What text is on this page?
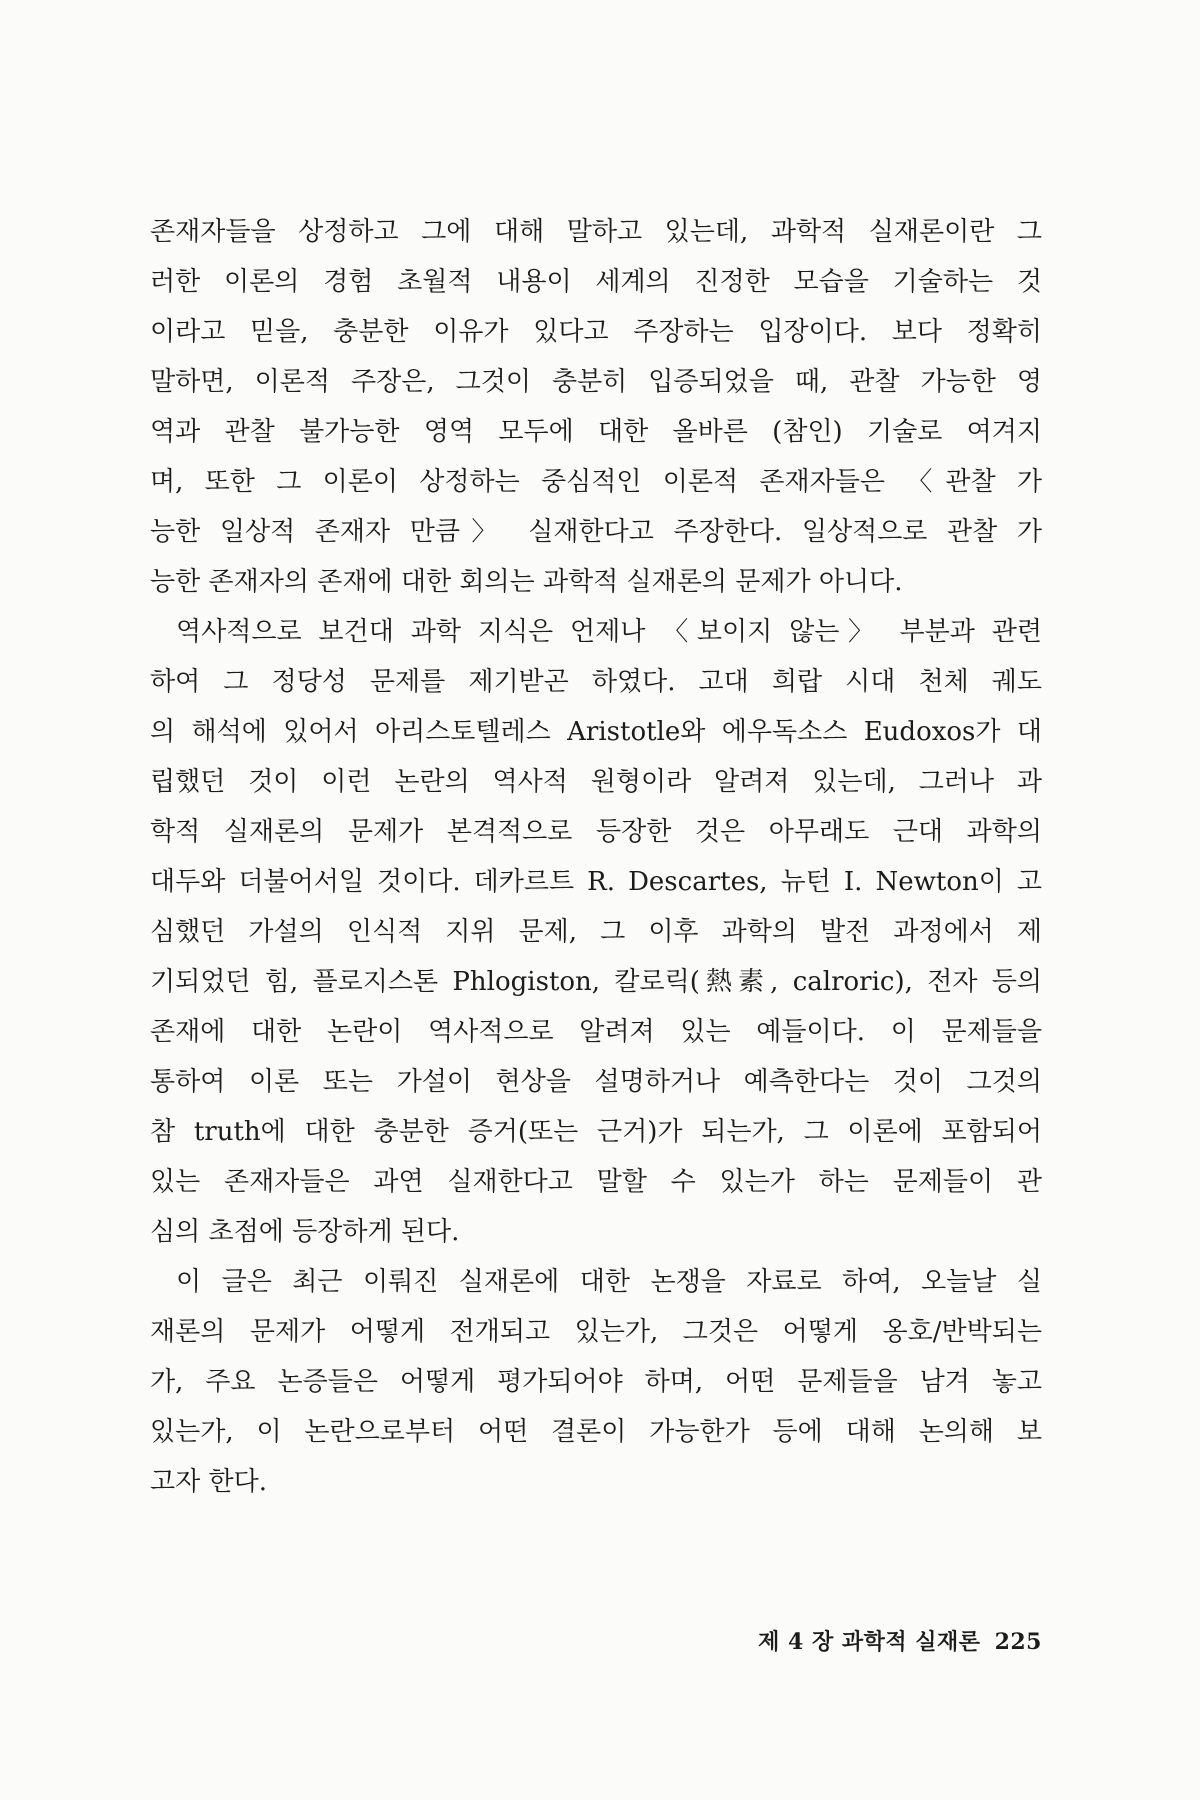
존재자들을 상정하고 그에 대해 말하고 있는데, 과학적 실재론이란 그
러한 이론의 경험 초월적 내용이 세계의 진정한 모습을 기술하는 것
이라고 믿을, 충분한 이유가 있다고 주장하는 입장이다. 보다 정확히
말하면, 이론적 주장은, 그것이 충분히 입증되었을 때, 관찰 가능한 영
역과 관찰 불가능한 영역 모두에 대한 올바른 (참인) 기술로 여겨지
며, 또한 그 이론이 상정하는 중심적인 이론적 존재자들은 〈관찰 가
능한 일상적 존재자 만큼〉 실재한다고 주장한다. 일상적으로 관찰 가
능한 존재자의 존재에 대한 회의는 과학적 실재론의 문제가 아니다.
역사적으로 보건대 과학 지식은 언제나 〈보이지 않는〉 부분과 관련
하여 그 정당성 문제를 제기받곤 하였다. 고대 희랍 시대 천체 궤도
의 해석에 있어서 아리스토텔레스 Aristotle와 에우독소스 Eudoxos가 대
립했던 것이 이런 논란의 역사적 원형이라 알려져 있는데, 그러나 과
학적 실재론의 문제가 본격적으로 등장한 것은 아무래도 근대 과학의
대두와 더불어서일 것이다. 데카르트 R. Descartes, 뉴턴 I. Newton이 고
심했던 가설의 인식적 지위 문제, 그 이후 과학의 발전 과정에서 제
기되었던 힘, 플로지스톤 Phlogiston, 칼로릭(熱素, calroric), 전자 등의
존재에 대한 논란이 역사적으로 알려져 있는 예들이다. 이 문제들을
통하여 이론 또는 가설이 현상을 설명하거나 예측한다는 것이 그것의
참 truth에 대한 충분한 증거(또는 근거)가 되는가, 그 이론에 포함되어
있는 존재자들은 과연 실재한다고 말할 수 있는가 하는 문제들이 관
심의 초점에 등장하게 된다.
이 글은 최근 이뤄진 실재론에 대한 논쟁을 자료로 하여, 오늘날 실
재론의 문제가 어떻게 전개되고 있는가, 그것은 어떻게 옹호/반박되는
가, 주요 논증들은 어떻게 평가되어야 하며, 어떤 문제들을 남겨 놓고
있는가, 이 논란으로부터 어떤 결론이 가능한가 등에 대해 논의해 보
고자 한다.
제 4 장 과학적 실재론 225
